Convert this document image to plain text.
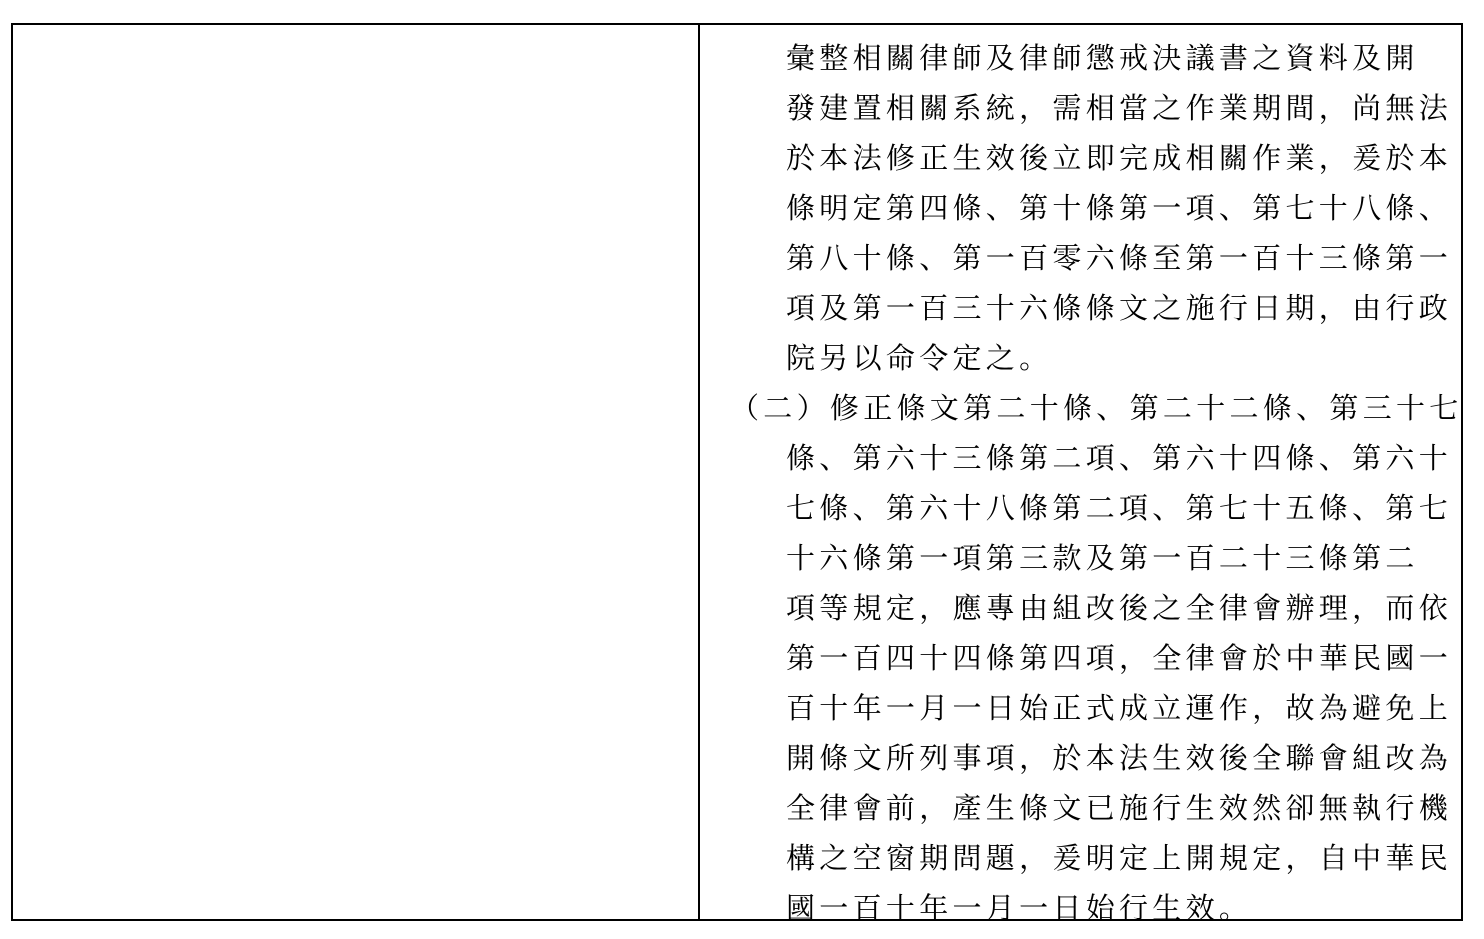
彙整相關律師及律師懲戒決議書之資料及開
發建置相關系統，需相當之作業期間，尚無法
於本法修正生效後立即完成相關作業，爰於本
條明定第四條、第十條第一項、第七十八條、
第八十條、第一百零六條至第一百十三條第一
項及第一百三十六條條文之施行日期，由行政
院另以命令定之。
（二）修正條文第二十條、第二十二條、第三十七
條、第六十三條第二項、第六十四條、第六十
七條、第六十八條第二項、第七十五條、第七
十六條第一項第三款及第一百二十三條第二
項等規定，應專由組改後之全律會辦理，而依
第一百四十四條第四項，全律會於中華民國一
百十年一月一日始正式成立運作，故為避免上
開條文所列事項，於本法生效後全聯會組改為
全律會前，產生條文已施行生效然卻無執行機
構之空窗期問題，爰明定上開規定，自中華民
國一百十年一月一日始行生效。
